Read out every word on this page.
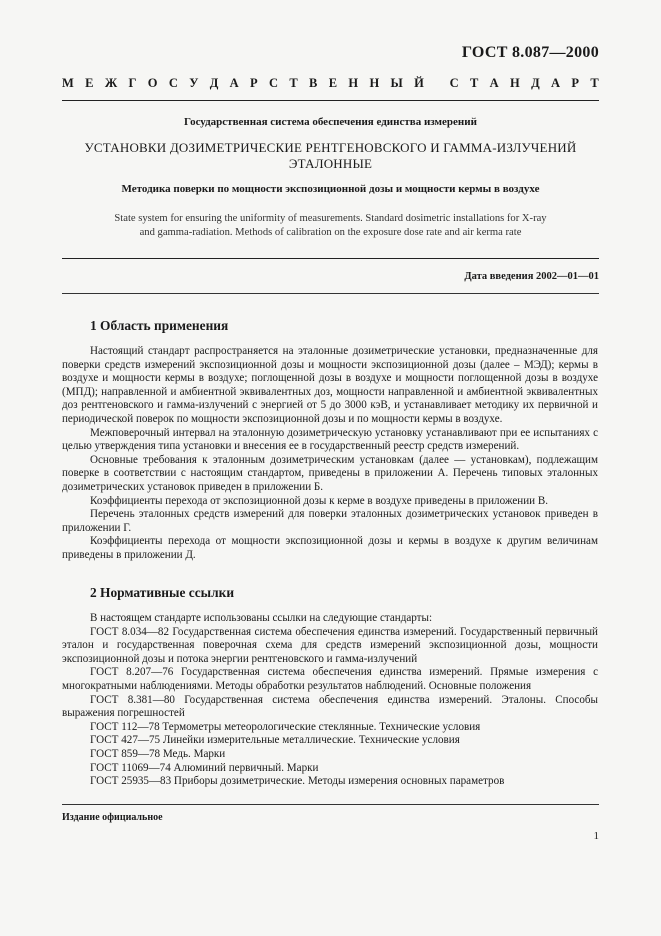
ГОСТ 8.087—2000
М Е Ж Г О С У Д А Р С Т В Е Н Н Ы Й
С Т А Н Д А Р Т
Государственная система обеспечения единства измерений
УСТАНОВКИ ДОЗИМЕТРИЧЕСКИЕ РЕНТГЕНОВСКОГО И ГАММА-ИЗЛУЧЕНИЙ
ЭТАЛОННЫЕ
Методика поверки по мощности экспозиционной дозы и мощности кермы в воздухе
State system for ensuring the uniformity of measurements. Standard dosimetric installations for X-ray
and gamma-radiation. Methods of calibration on the exposure dose rate and air kerma rate
Дата введения 2002—01—01
1 Область применения

Настоящий стандарт распространяется на эталонные дозиметрические установки, предназначенные для поверки средств измерений экспозиционной дозы и мощности экспозиционной дозы (далее – МЭД); кермы в воздухе и мощности кермы в воздухе; поглощенной дозы в воздухе и мощности поглощенной дозы в воздухе (МПД); направленной и амбиентной эквивалентных доз, мощности направленной и амбиентной эквивалентных доз рентгеновского и гамма-излучений с энергией от 5 до 3000 кэВ, и устанавливает методику их первичной и периодической поверок по мощности экспозиционной дозы и по мощности кермы в воздухе.

Межповерочный интервал на эталонную дозиметрическую установку устанавливают при ее испытаниях с целью утверждения типа установки и внесения ее в государственный реестр средств измерений.

Основные требования к эталонным дозиметрическим установкам (далее — установкам), подлежащим поверке в соответствии с настоящим стандартом, приведены в приложении А. Перечень типовых эталонных дозиметрических установок приведен в приложении Б.

Коэффициенты перехода от экспозиционной дозы к керме в воздухе приведены в приложении В.

Перечень эталонных средств измерений для поверки эталонных дозиметрических установок приведен в приложении Г.

Коэффициенты перехода от мощности экспозиционной дозы и кермы в воздухе к другим величинам приведены в приложении Д.

2 Нормативные ссылки

В настоящем стандарте использованы ссылки на следующие стандарты:

ГОСТ 8.034—82 Государственная система обеспечения единства измерений. Государственный первичный эталон и государственная поверочная схема для средств измерений экспозиционной дозы, мощности экспозиционной дозы и потока энергии рентгеновского и гамма-излучений

ГОСТ 8.207—76 Государственная система обеспечения единства измерений. Прямые измерения с многократными наблюдениями. Методы обработки результатов наблюдений. Основные положения

ГОСТ 8.381—80 Государственная система обеспечения единства измерений. Эталоны. Способы выражения погрешностей

ГОСТ 112—78 Термометры метеорологические стеклянные. Технические условия

ГОСТ 427—75 Линейки измерительные металлические. Технические условия

ГОСТ 859—78 Медь. Марки

ГОСТ 11069—74 Алюминий первичный. Марки

ГОСТ 25935—83 Приборы дозиметрические. Методы измерения основных параметров

Издание официальное
1
